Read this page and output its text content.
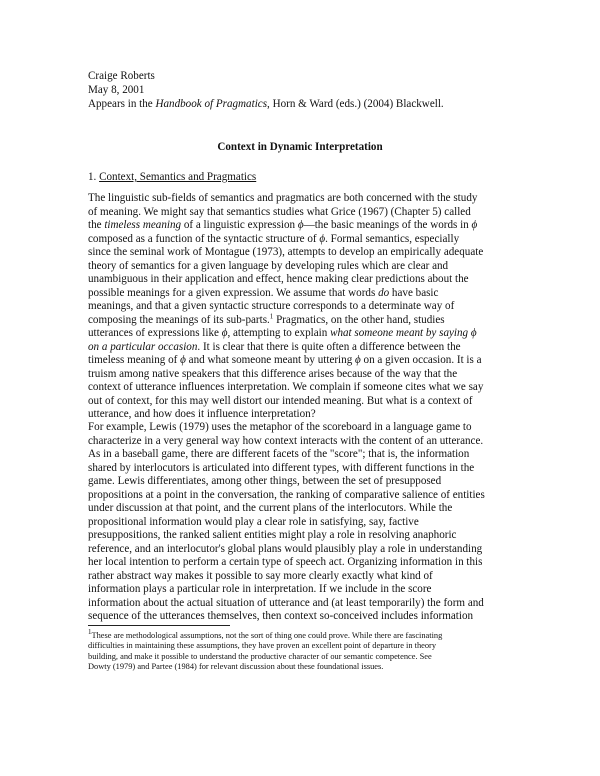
Craige Roberts
May 8, 2001
Appears in the Handbook of Pragmatics, Horn & Ward (eds.) (2004) Blackwell.
Context in Dynamic Interpretation
1. Context, Semantics and Pragmatics
The linguistic sub-fields of semantics and pragmatics are both concerned with the study
of meaning. We might say that semantics studies what Grice (1967) (Chapter 5) called
the timeless meaning of a linguistic expression ϕ—the basic meanings of the words in ϕ
composed as a function of the syntactic structure of ϕ. Formal semantics, especially
since the seminal work of Montague (1973), attempts to develop an empirically adequate
theory of semantics for a given language by developing rules which are clear and
unambiguous in their application and effect, hence making clear predictions about the
possible meanings for a given expression. We assume that words do have basic
meanings, and that a given syntactic structure corresponds to a determinate way of
composing the meanings of its sub-parts.$^1$ Pragmatics, on the other hand, studies
utterances of expressions like ϕ, attempting to explain what someone meant by saying ϕ
on a particular occasion. It is clear that there is quite often a difference between the
timeless meaning of ϕ and what someone meant by uttering ϕ on a given occasion. It is a
truism among native speakers that this difference arises because of the way that the
context of utterance influences interpretation. We complain if someone cites what we say
out of context, for this may well distort our intended meaning. But what is a context of
utterance, and how does it influence interpretation?
For example, Lewis (1979) uses the metaphor of the scoreboard in a language game to
characterize in a very general way how context interacts with the content of an utterance.
As in a baseball game, there are different facets of the "score"; that is, the information
shared by interlocutors is articulated into different types, with different functions in the
game. Lewis differentiates, among other things, between the set of presupposed
propositions at a point in the conversation, the ranking of comparative salience of entities
under discussion at that point, and the current plans of the interlocutors. While the
propositional information would play a clear role in satisfying, say, factive
presuppositions, the ranked salient entities might play a role in resolving anaphoric
reference, and an interlocutor's global plans would plausibly play a role in understanding
her local intention to perform a certain type of speech act. Organizing information in this
rather abstract way makes it possible to say more clearly exactly what kind of
information plays a particular role in interpretation. If we include in the score
information about the actual situation of utterance and (at least temporarily) the form and
sequence of the utterances themselves, then context so-conceived includes information
$^1$These are methodological assumptions, not the sort of thing one could prove. While there are fascinating
difficulties in maintaining these assumptions, they have proven an excellent point of departure in theory
building, and make it possible to understand the productive character of our semantic competence. See
Dowty (1979) and Partee (1984) for relevant discussion about these foundational issues.
